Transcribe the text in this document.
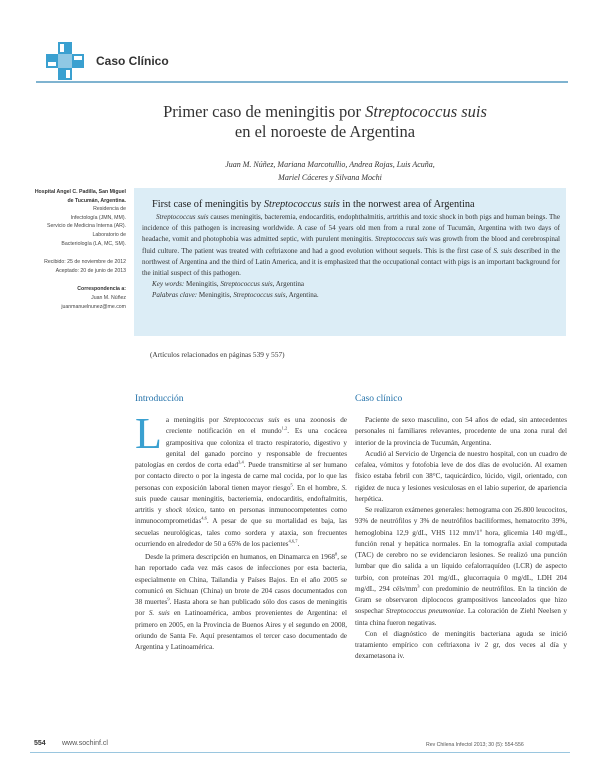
Caso Clínico
Primer caso de meningitis por Streptococcus suis
en el noroeste de Argentina
Juan M. Núñez, Mariana Marcotullio, Andrea Rojas, Luis Acuña,
Mariel Cáceres y Silvana Mochi

Hospital Angel C. Padilla, San Miguel de Tucumán, Argentina.

Residencia de

Infectología (JMN, MM).

Servicio de Medicina Interna (AR).

Laboratorio de

Bacteriología (LA, MC, SM).

Recibido: 25 de noviembre de 2012

Aceptado: 20 de junio de 2013

Correspondencia a:

Juan M. Núñez

juanmanuelnunez@me.com

First case of meningitis by Streptococcus suis in the norwest area of Argentina

Streptococcus suis causes meningitis, bacteremia, endocarditis, endophthalmitis, artrithis and toxic shock in both pigs and human beings. The incidence of this pathogen is increasing worldwide. A case of 54 years old men from a rural zone of Tucumán, Argentina with two days of headache, vomit and photophobia was admitted septic, with purulent meningitis. Streptococcus suis was growth from the blood and cerebrospinal fluid culture. The patient was treated with ceftriaxone and had a good evolution without sequels. This is the first case of S. suis described in the northwest of Argentina and the third of Latin America, and it is emphasized that the occupational contact with pigs is an important background for the initial suspect of this pathogen.

Key words: Meningitis, Streptococcus suis, Argentina

Palabras clave: Meningitis, Streptococcus suis, Argentina.

(Artículos relacionados en páginas 539 y 557)
Introducción

La meningitis por Streptococcus suis es una zoonosis de creciente notificación en el mundo$^{1,2}$. Es una cocácea grampositiva que coloniza el tracto respiratorio, digestivo y genital del ganado porcino y responsable de frecuentes patologías en cerdos de corta edad$^{3,4}$. Puede transmitirse al ser humano por contacto directo o por la ingesta de carne mal cocida, por lo que las personas con exposición laboral tienen mayor riesgo$^5$. En el hombre, S. suis puede causar meningitis, bacteriemia, endocarditis, endoftalmitis, artritis y shock tóxico, tanto en personas inmunocompetentes como inmunocomprometidas$^{4,6}$. A pesar de que su mortalidad es baja, las secuelas neurológicas, tales como sordera y ataxia, son frecuentes ocurriendo en alrededor de 50 a 65% de los pacientes$^{4,6,7}$.

Desde la primera descripción en humanos, en Dinamarca en 1968$^8$, se han reportado cada vez más casos de infecciones por esta bacteria, especialmente en China, Tailandia y Países Bajos. En el año 2005 se comunicó en Sichuan (China) un brote de 204 casos documentados con 38 muertes$^9$. Hasta ahora se han publicado sólo dos casos de meningitis por S. suis en Latinoamérica, ambos provenientes de Argentina: el primero en 2005, en la Provincia de Buenos Aires y el segundo en 2008, oriundo de Santa Fe. Aquí presentamos el tercer caso documentado de Argentina y Latinoamérica.

Caso clínico

Paciente de sexo masculino, con 54 años de edad, sin antecedentes personales ni familiares relevantes, procedente de una zona rural del interior de la provincia de Tucumán, Argentina.

Acudió al Servicio de Urgencia de nuestro hospital, con un cuadro de cefalea, vómitos y fotofobia leve de dos días de evolución. Al examen físico estaba febril con 38°C, taquicárdico, lúcido, vigil, orientado, con rigidez de nuca y lesiones vesiculosas en el labio superior, de apariencia herpética.

Se realizaron exámenes generales: hemograma con 26.800 leucocitos, 93% de neutrófilos y 3% de neutrófilos baciliformes, hematocrito 39%, hemoglobina 12,9 g/dL, VHS 112 mm/1$^a$ hora, glicemia 140 mg/dL, función renal y hepática normales. En la tomografía axial computada (TAC) de cerebro no se evidenciaron lesiones. Se realizó una punción lumbar que dio salida a un líquido cefalorraquídeo (LCR) de aspecto turbio, con proteínas 201 mg/dL, glucorraquia 0 mg/dL, LDH 204 mg/dL, 294 céls/$mm^3$ con predominio de neutrófilos. En la tinción de Gram se observaron diplococos grampositivos lanceolados que hizo sospechar Streptococcus pneumoniae. La coloración de Ziehl Neelsen y tinta china fueron negativas.

Con el diagnóstico de meningitis bacteriana aguda se inició tratamiento empírico con ceftriaxona iv 2 gr, dos veces al día y dexametasona iv.

554 www.sochinf.cl	Rev Chilena Infectol 2013; 30 (5): 554-556
